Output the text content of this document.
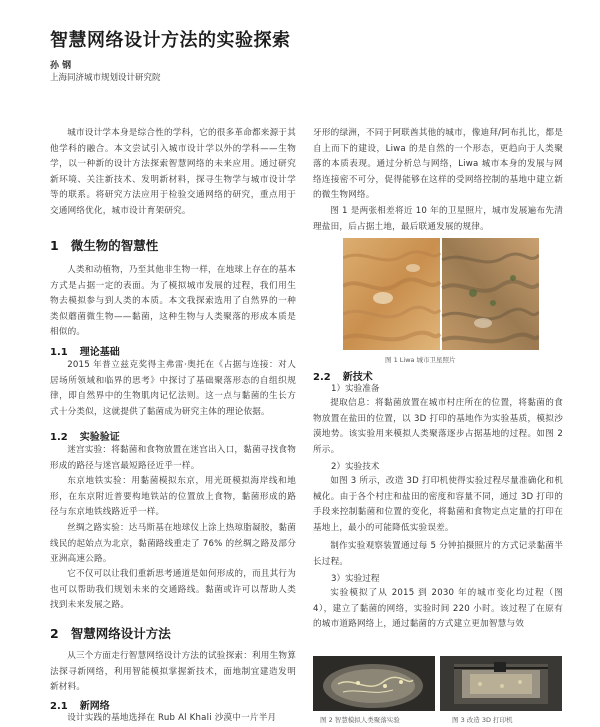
智慧网络设计方法的实验探索
孙 钢
上海同济城市规划设计研究院
城市设计学本身是综合性的学科，它的很多革命都来源于其他学科的融合。本文尝试引入城市设计学以外的学科——生物学，以一种新的设计方法探索智慧网络的未来应用。通过研究新环境、关注新技术、发明新材料，探寻生物学与城市设计学等的联系。将研究方法应用于检验交通网络的研究，重点用于交通网络优化，城市设计育架研究。
1 微生物的智慧性
人类和动植物，乃至其他非生物一样，在地球上存在的基本方式是占据一定的表面。为了模拟城市发展的过程，我们用生物去模拟参与到人类的本质。本文我探索选用了自然界的一种类似蘑菌微生物——黏菌，这种生物与人类聚落的形成本质是相似的。
1.1 理论基础
2015 年普立兹克奖得主弗雷·奥托在《占据与连接：对人居场所领域和临界的思考》中探讨了基础聚落形态的自组织规律，即自然界中的生物肌肉记忆法则。这一点与黏菌的生长方式十分类似，这就提供了黏菌成为研究主体的理论依据。
1.2 实验验证
迷宫实验：将黏菌和食物放置在迷宫出入口，黏菌寻找食物形成的路径与迷宫最短路径近乎一样。
东京地铁实验：用黏菌模拟东京，用光斑模拟海岸线和地形，在东京附近普要构地铁站的位置放上食物，黏菌形成的路径与东京地铁线路近乎一样。
丝绸之路实验：达马斯基在地球仪上涂上热琼脂凝胶，黏菌线民的起始点为北京，黏菌路线重走了 76% 的丝绸之路及部分亚洲高速公路。
它不仅可以让我们重新思考通道是如何形成的，而且其行为也可以帮助我们规划未来的交通路线。黏菌或许可以帮助人类找到未来发展之路。
2 智慧网络设计方法
从三个方面走行智慧网络设计方法的试验探索：利用生物算法探寻新网络，利用智能模拟掌握新技术，面地制宜建造发明新材料。
2.1 新网络
设计实践的基地选择在 Rub Al Khali 沙漠中一片半月
牙形的绿洲，不同于阿联酋其他的城市，像迪拜/阿布扎比，都是自上而下的建设，Liwa 的是自然的一个形态，更趋向于人类聚落的本质表现。通过分析总与网络，Liwa 城市本身的发展与网络连接密不可分，促得能够在这样的受网络控制的基地中建立新的微生物网络。
图 1 是两张相差将近 10 年的卫星照片，城市发展遍布先清理盐田，后占据土地，最后联通发展的规律。
图 1 Liwa 城市卫星照片
2.2 新技术
1）实验准备
提取信息：将黏菌放置在城市村庄所在的位置，将黏菌的食物放置在盐田的位置，以 3D 打印的基地作为实验基质，模拟沙漠地势。该实验用来模拟人类聚落逐步占据基地的过程。如图 2 所示。
2）实验技术
如图 3 所示，改造 3D 打印机使得实验过程尽量准确化和机械化。由于各个村庄和盐田的密度和容量不同，通过 3D 打印的手段来控制黏菌和位置的变化，将黏菌和食物定点定量的打印在基地上，最小的可能降低实验误差。
制作实验观察装置通过每 5 分钟拍摄照片的方式记录黏菌半长过程。
3）实验过程
实验模拟了从 2015 到 2030 年的城市变化均过程（图 4），建立了黏菌的网络，实验时间 220 小时。该过程了在原有的城市道路网络上，通过黏菌的方式建立更加智慧与效
图 2 智慧模拟人类聚落实验	图 3 改造 3D 打印机
